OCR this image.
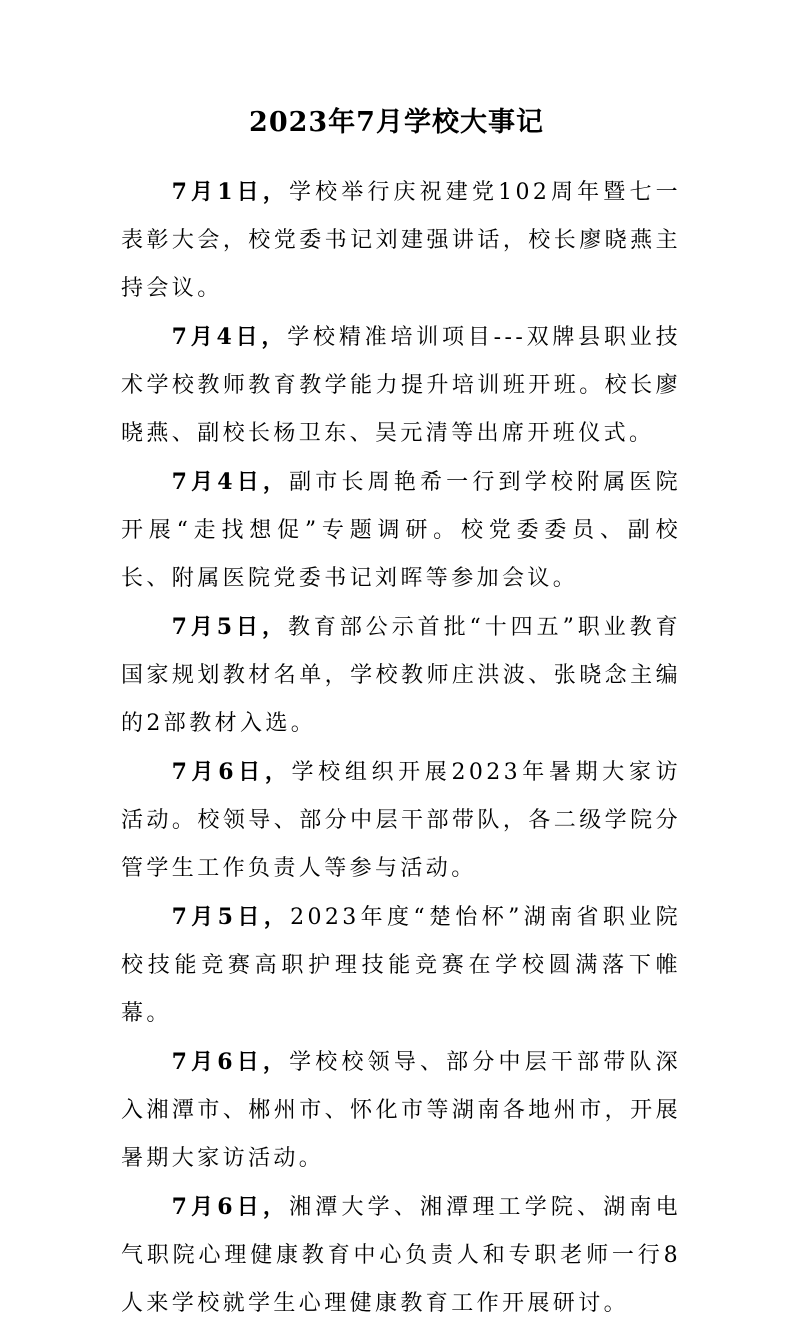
2023年7月学校大事记

7月1日，学校举行庆祝建党102周年暨七一表彰大会，校党委书记刘建强讲话，校长廖晓燕主持会议。

7月4日，学校精准培训项目---双牌县职业技术学校教师教育教学能力提升培训班开班。校长廖晓燕、副校长杨卫东、吴元清等出席开班仪式。

7月4日，副市长周艳希一行到学校附属医院开展“走找想促”专题调研。校党委委员、副校长、附属医院党委书记刘晖等参加会议。

7月5日，教育部公示首批“十四五”职业教育国家规划教材名单，学校教师庄洪波、张晓念主编的2部教材入选。

7月6日，学校组织开展2023年暑期大家访活动。校领导、部分中层干部带队，各二级学院分管学生工作负责人等参与活动。

7月5日，2023年度“楚怡杯”湖南省职业院校技能竞赛高职护理技能竞赛在学校圆满落下帷幕。

7月6日，学校校领导、部分中层干部带队深入湘潭市、郴州市、怀化市等湖南各地州市，开展暑期大家访活动。

7月6日，湘潭大学、湘潭理工学院、湖南电气职院心理健康教育中心负责人和专职老师一行8人来学校就学生心理健康教育工作开展研讨。
